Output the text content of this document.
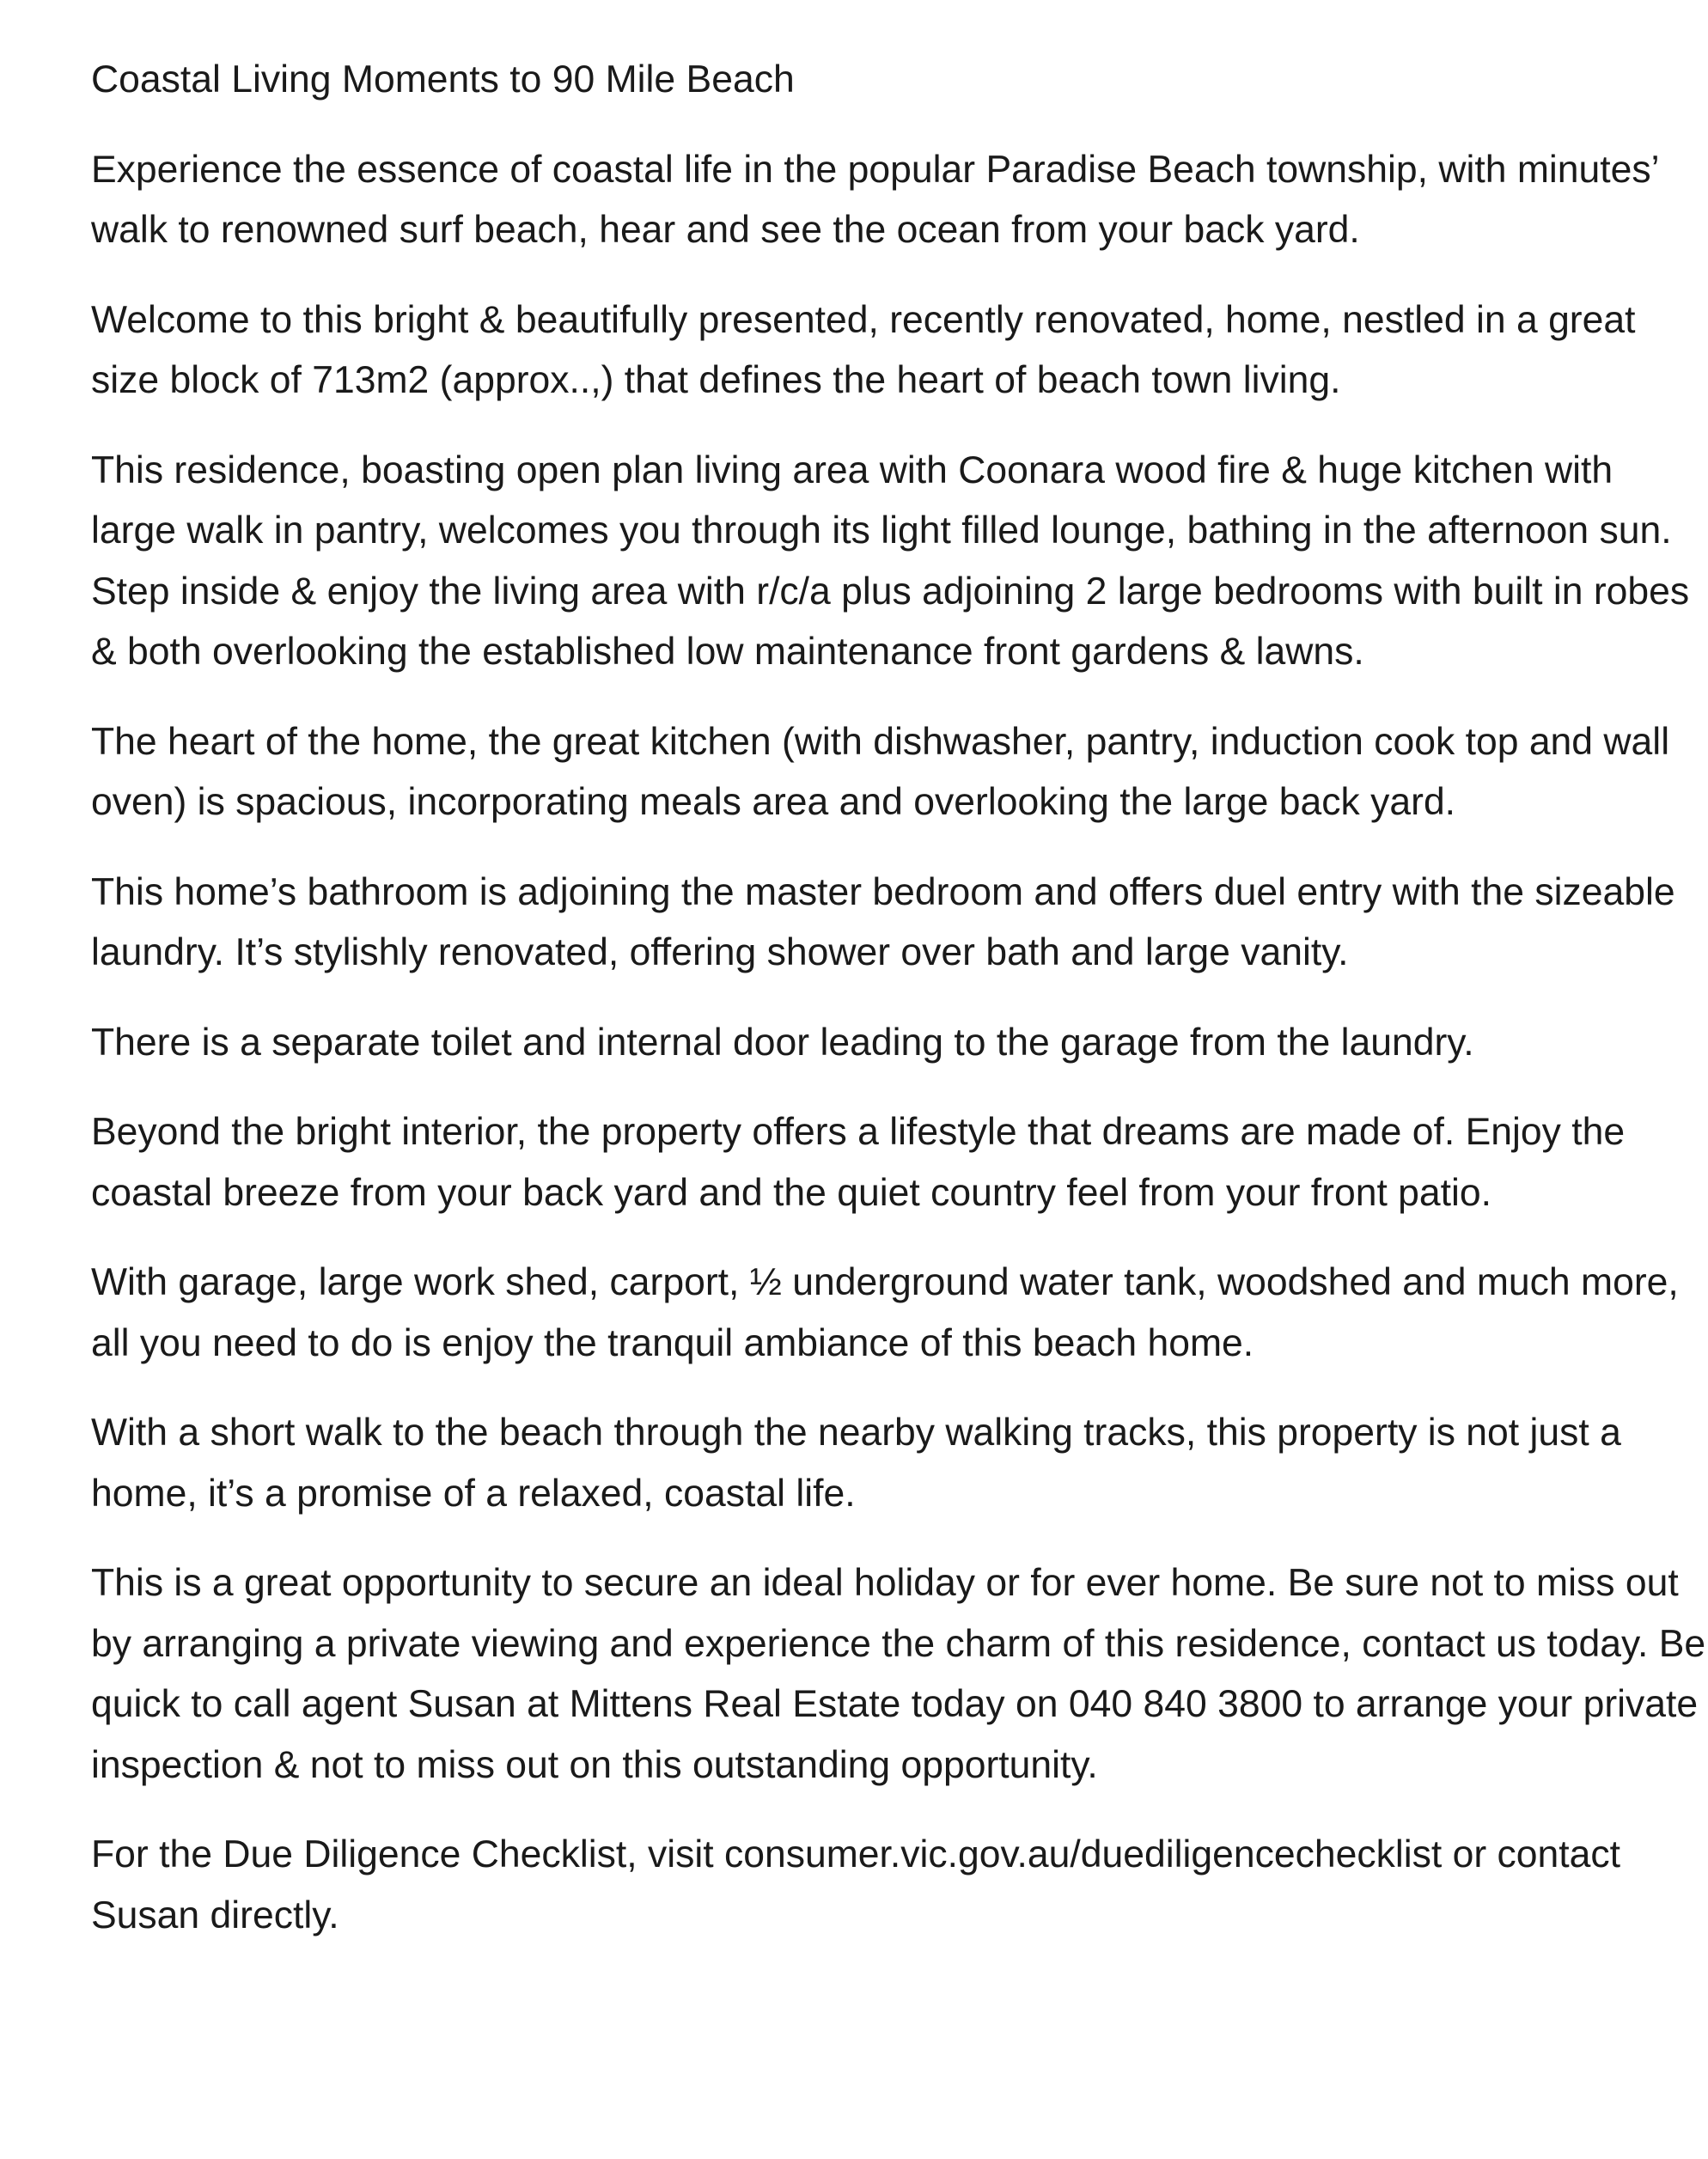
Coastal Living Moments to 90 Mile Beach

Experience the essence of coastal life in the popular Paradise Beach township, with minutes’ walk to renowned surf beach, hear and see the ocean from your back yard.

Welcome to this bright & beautifully presented, recently renovated, home, nestled in a great size block of 713m2 (approx..,) that defines the heart of beach town living.

This residence, boasting open plan living area with Coonara wood fire & huge kitchen with large walk in pantry, welcomes you through its light filled lounge, bathing in the afternoon sun. Step inside & enjoy the living area with r/c/a plus adjoining 2 large bedrooms with built in robes & both overlooking the established low maintenance front gardens & lawns.

The heart of the home, the great kitchen (with dishwasher, pantry, induction cook top and wall oven) is spacious, incorporating meals area and overlooking the large back yard.

This home’s bathroom is adjoining the master bedroom and offers duel entry with the sizeable laundry. It’s stylishly renovated, offering shower over bath and large vanity.

There is a separate toilet and internal door leading to the garage from the laundry.

Beyond the bright interior, the property offers a lifestyle that dreams are made of. Enjoy the coastal breeze from your back yard and the quiet country feel from your front patio.

With garage, large work shed, carport, ½ underground water tank, woodshed and much more, all you need to do is enjoy the tranquil ambiance of this beach home.

With a short walk to the beach through the nearby walking tracks, this property is not just a home, it’s a promise of a relaxed, coastal life.

This is a great opportunity to secure an ideal holiday or for ever home. Be sure not to miss out by arranging a private viewing and experience the charm of this residence, contact us today. Be quick to call agent Susan at Mittens Real Estate today on 040 840 3800 to arrange your private inspection & not to miss out on this outstanding opportunity.

For the Due Diligence Checklist, visit consumer.vic.gov.au/duediligencechecklist or contact Susan directly.
